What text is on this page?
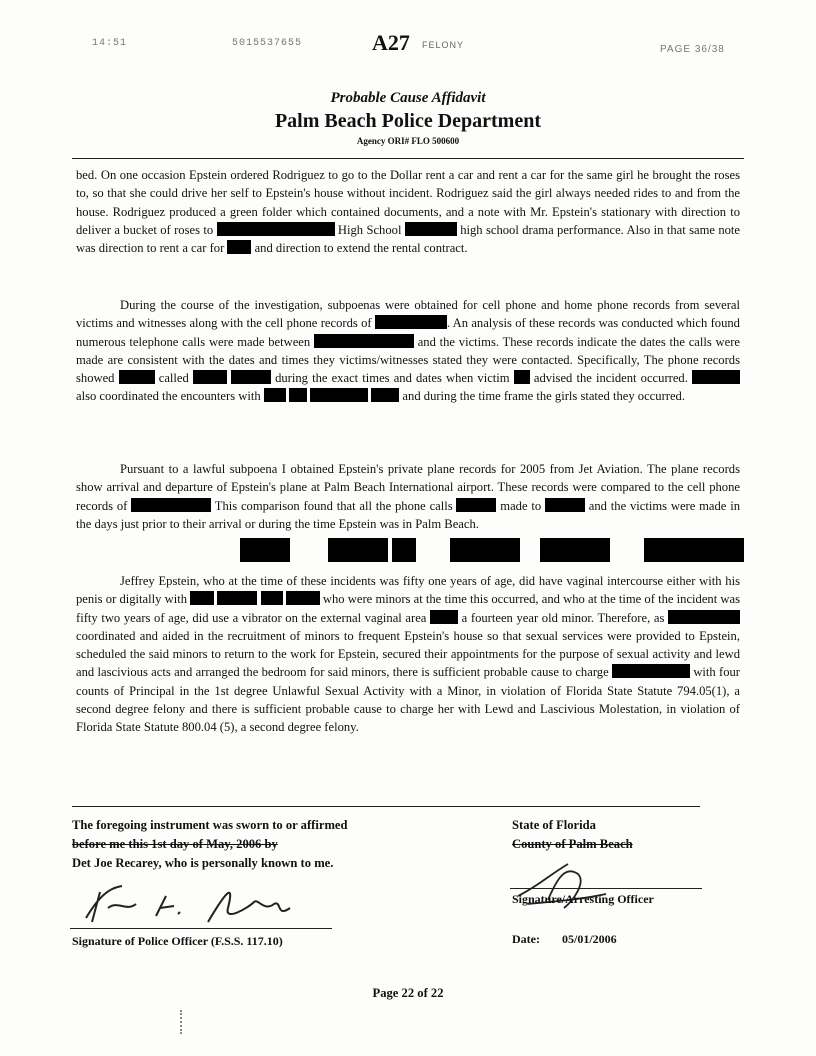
14:51	5015537655	A27 FELONY	PAGE 36/38
Probable Cause Affidavit
Palm Beach Police Department
Agency ORI# FLO 500600

bed. On one occasion Epstein ordered Rodriguez to go to the Dollar rent a car and rent a car for the same girl he brought the roses to, so that she could drive her self to Epstein's house without incident. Rodriguez said the girl always needed rides to and from the house. Rodriguez produced a green folder which contained documents, and a note with Mr. Epstein's stationary with direction to deliver a bucket of roses to	High School	high school drama performance. Also in that same note was direction to rent a car for  and direction to extend the rental contract.

During the course of the investigation, subpoenas were obtained for cell phone and home phone records from several victims and witnesses along with the cell phone records of	. An analysis of these records was conducted which found numerous telephone calls were made between	and the victims. These records indicate the dates the calls were made are consistent with the dates and times they victims/witnesses stated they were contacted. Specifically, The phone records showed	called	during the exact times and dates when victim  advised the incident occurred.  also coordinated the encounters with	and during the time frame the girls stated they occurred.

Pursuant to a lawful subpoena I obtained Epstein's private plane records for 2005 from Jet Aviation. The plane records show arrival and departure of Epstein's plane at Palm Beach International airport. These records were compared to the cell phone records of	This comparison found that all the phone calls	made to	and the victims were made in the days just prior to their arrival or during the time Epstein was in Palm Beach.

Jeffrey Epstein, who at the time of these incidents was fifty one years of age, did have vaginal intercourse either with his penis or digitally with	who were minors at the time this occurred, and who at the time of the incident was fifty two years of age, did use a vibrator on the external vaginal area  a fourteen year old minor. Therefore, as  coordinated and aided in the recruitment of minors to frequent Epstein's house so that sexual services were provided to Epstein, scheduled the said minors to return to the work for Epstein, secured their appointments for the purpose of sexual activity and lewd and lascivious acts and arranged the bedroom for said minors, there is sufficient probable cause to charge	with four counts of Principal in the 1st degree Unlawful Sexual Activity with a Minor, in violation of Florida State Statute 794.05(1), a second degree felony and there is sufficient probable cause to charge her with Lewd and Lascivious Molestation, in violation of Florida State Statute 800.04 (5), a second degree felony.

The foregoing instrument was sworn to or affirmed
before me this 1st day of May, 2006 by
Det Joe Recarey, who is personally known to me.
Signature of Police Officer (F.S.S. 117.10)
State of Florida
County of Palm Beach
Signature/Arresting Officer
Date: 05/01/2006
Page 22 of 22
